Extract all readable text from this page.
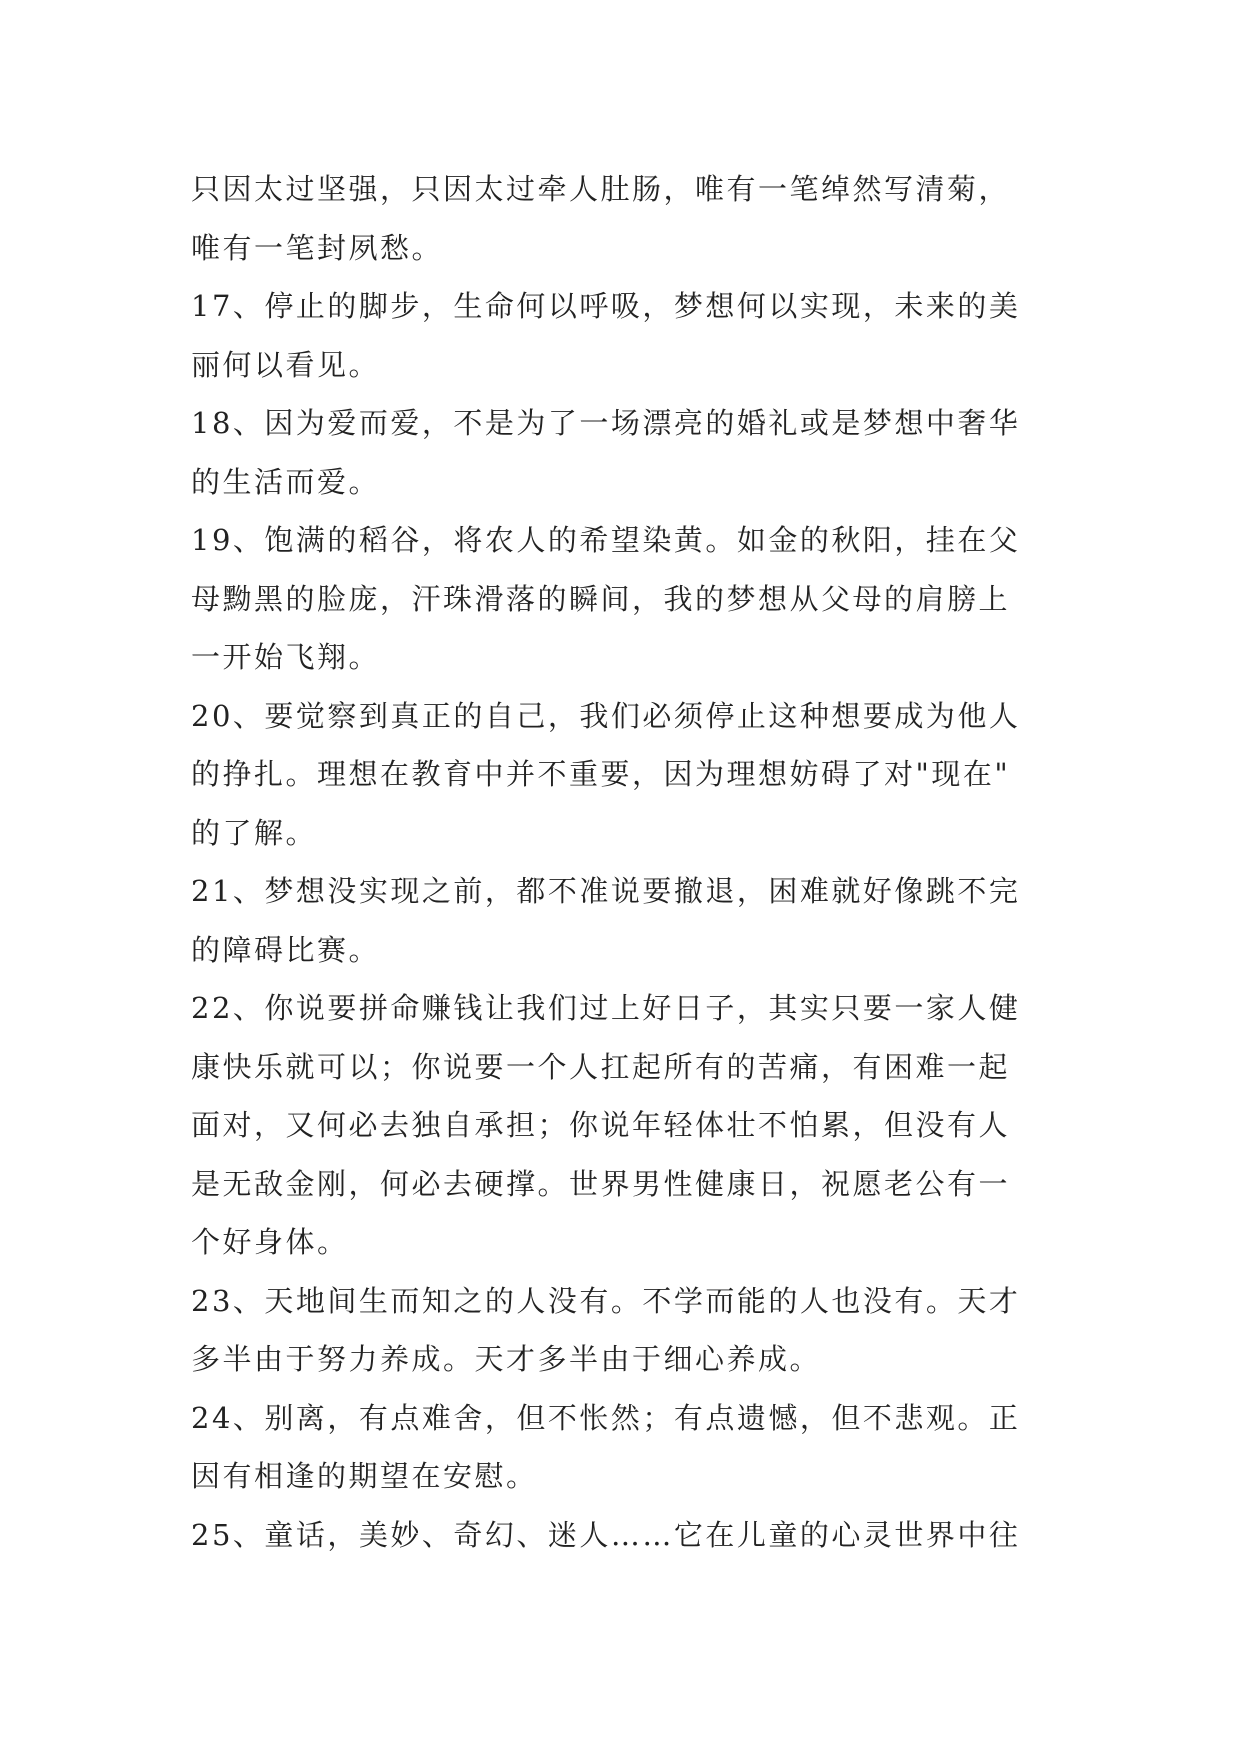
只因太过坚强，只因太过牵人肚肠，唯有一笔绰然写清菊，
唯有一笔封夙愁。
17、停止的脚步，生命何以呼吸，梦想何以实现，未来的美
丽何以看见。
18、因为爱而爱，不是为了一场漂亮的婚礼或是梦想中奢华
的生活而爱。
19、饱满的稻谷，将农人的希望染黄。如金的秋阳，挂在父
母黝黑的脸庞，汗珠滑落的瞬间，我的梦想从父母的肩膀上
一开始飞翔。
20、要觉察到真正的自己，我们必须停止这种想要成为他人
的挣扎。理想在教育中并不重要，因为理想妨碍了对"现在"
的了解。
21、梦想没实现之前，都不准说要撤退，困难就好像跳不完
的障碍比赛。
22、你说要拼命赚钱让我们过上好日子，其实只要一家人健
康快乐就可以；你说要一个人扛起所有的苦痛，有困难一起
面对，又何必去独自承担；你说年轻体壮不怕累，但没有人
是无敌金刚，何必去硬撑。世界男性健康日，祝愿老公有一
个好身体。
23、天地间生而知之的人没有。不学而能的人也没有。天才
多半由于努力养成。天才多半由于细心养成。
24、别离，有点难舍，但不怅然；有点遗憾，但不悲观。正
因有相逢的期望在安慰。
25、童话，美妙、奇幻、迷人……它在儿童的心灵世界中往
